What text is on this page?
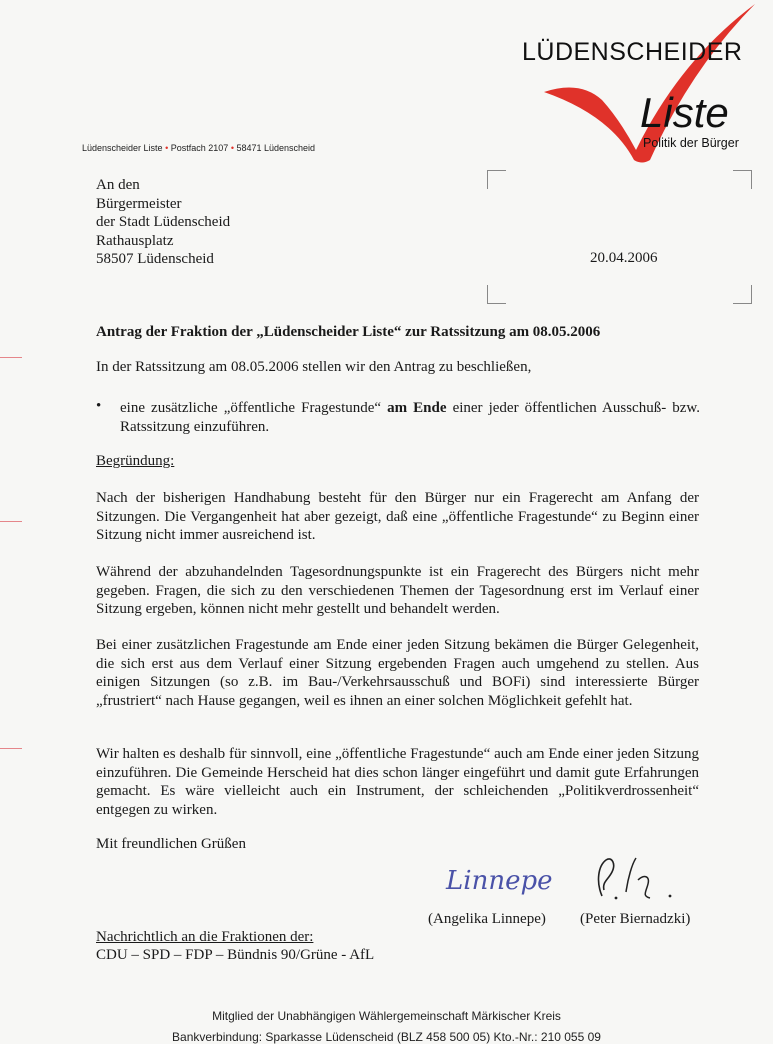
LÜDENSCHEIDER
Liste
Politik der Bürger
Lüdenscheider Liste • Postfach 2107 • 58471 Lüdenscheid
An den
Bürgermeister
der Stadt Lüdenscheid
Rathausplatz
58507 Lüdenscheid	20.04.2006
Antrag der Fraktion der „Lüdenscheider Liste“ zur Ratssitzung am 08.05.2006
In der Ratssitzung am 08.05.2006 stellen wir den Antrag zu beschließen,
• eine zusätzliche „öffentliche Fragestunde“ am Ende einer jeder öffentlichen Ausschuß- bzw. Ratssitzung einzuführen.
Begründung:
Nach der bisherigen Handhabung besteht für den Bürger nur ein Fragerecht am Anfang der Sitzungen. Die Vergangenheit hat aber gezeigt, daß eine „öffentliche Fragestunde“ zu Beginn einer Sitzung nicht immer ausreichend ist.
Während der abzuhandelnden Tagesordnungspunkte ist ein Fragerecht des Bürgers nicht mehr gegeben. Fragen, die sich zu den verschiedenen Themen der Tagesordnung erst im Verlauf einer Sitzung ergeben, können nicht mehr gestellt und behandelt werden.
Bei einer zusätzlichen Fragestunde am Ende einer jeden Sitzung bekämen die Bürger Gelegenheit, die sich erst aus dem Verlauf einer Sitzung ergebenden Fragen auch umgehend zu stellen. Aus einigen Sitzungen (so z.B. im Bau-/Verkehrsausschuß und BOFi) sind interessierte Bürger „frustriert“ nach Hause gegangen, weil es ihnen an einer solchen Möglichkeit gefehlt hat.
Wir halten es deshalb für sinnvoll, eine „öffentliche Fragestunde“ auch am Ende einer jeden Sitzung einzuführen. Die Gemeinde Herscheid hat dies schon länger eingeführt und damit gute Erfahrungen gemacht. Es wäre vielleicht auch ein Instrument, der schleichenden „Politikverdrossenheit“ entgegen zu wirken.
Mit freundlichen Grüßen
Linnepe
(Angelika Linnepe) (Peter Biernadzki)
Nachrichtlich an die Fraktionen der:
CDU – SPD – FDP – Bündnis 90/Grüne - AfL
Mitglied der Unabhängigen Wählergemeinschaft Märkischer Kreis
Bankverbindung: Sparkasse Lüdenscheid (BLZ 458 500 05) Kto.-Nr.: 210 055 09
